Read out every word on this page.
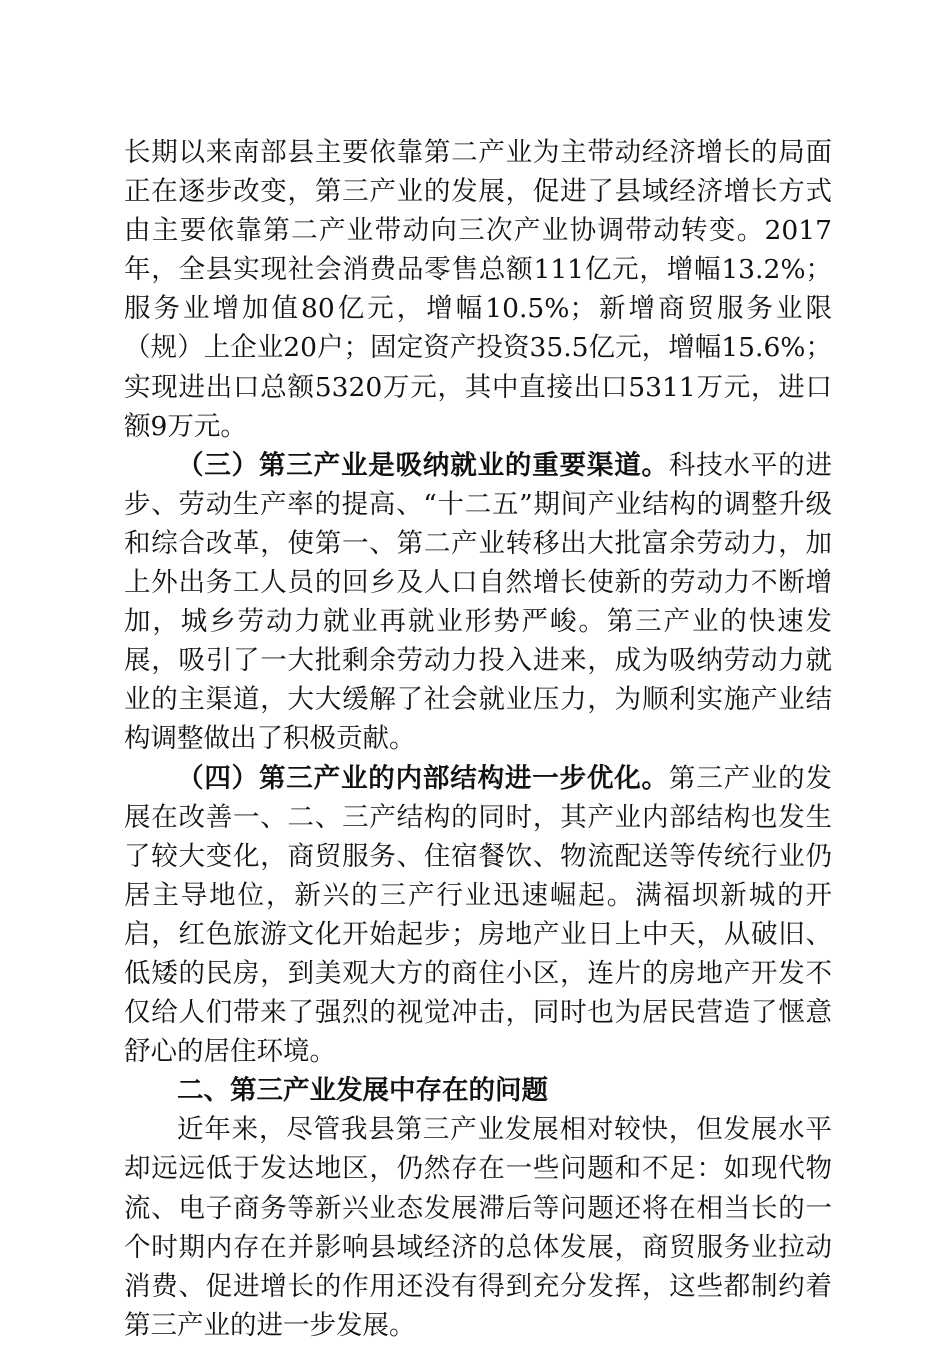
长期以来南部县主要依靠第二产业为主带动经济增长的局面正在逐步改变，第三产业的发展，促进了县域经济增长方式由主要依靠第二产业带动向三次产业协调带动转变。2017年，全县实现社会消费品零售总额111亿元，增幅13.2%；服务业增加值80亿元，增幅10.5%；新增商贸服务业限（规）上企业20户；固定资产投资35.5亿元，增幅15.6%；实现进出口总额5320万元，其中直接出口5311万元，进口额9万元。

（三）第三产业是吸纳就业的重要渠道。科技水平的进步、劳动生产率的提高、“十二五”期间产业结构的调整升级和综合改革，使第一、第二产业转移出大批富余劳动力，加上外出务工人员的回乡及人口自然增长使新的劳动力不断增加，城乡劳动力就业再就业形势严峻。第三产业的快速发展，吸引了一大批剩余劳动力投入进来，成为吸纳劳动力就业的主渠道，大大缓解了社会就业压力，为顺利实施产业结构调整做出了积极贡献。

（四）第三产业的内部结构进一步优化。第三产业的发展在改善一、二、三产结构的同时，其产业内部结构也发生了较大变化，商贸服务、住宿餐饮、物流配送等传统行业仍居主导地位，新兴的三产行业迅速崛起。满福坝新城的开启，红色旅游文化开始起步；房地产业日上中天，从破旧、低矮的民房，到美观大方的商住小区，连片的房地产开发不仅给人们带来了强烈的视觉冲击，同时也为居民营造了惬意舒心的居住环境。

二、第三产业发展中存在的问题

近年来，尽管我县第三产业发展相对较快，但发展水平却远远低于发达地区，仍然存在一些问题和不足：如现代物流、电子商务等新兴业态发展滞后等问题还将在相当长的一个时期内存在并影响县域经济的总体发展，商贸服务业拉动消费、促进增长的作用还没有得到充分发挥，这些都制约着第三产业的进一步发展。
